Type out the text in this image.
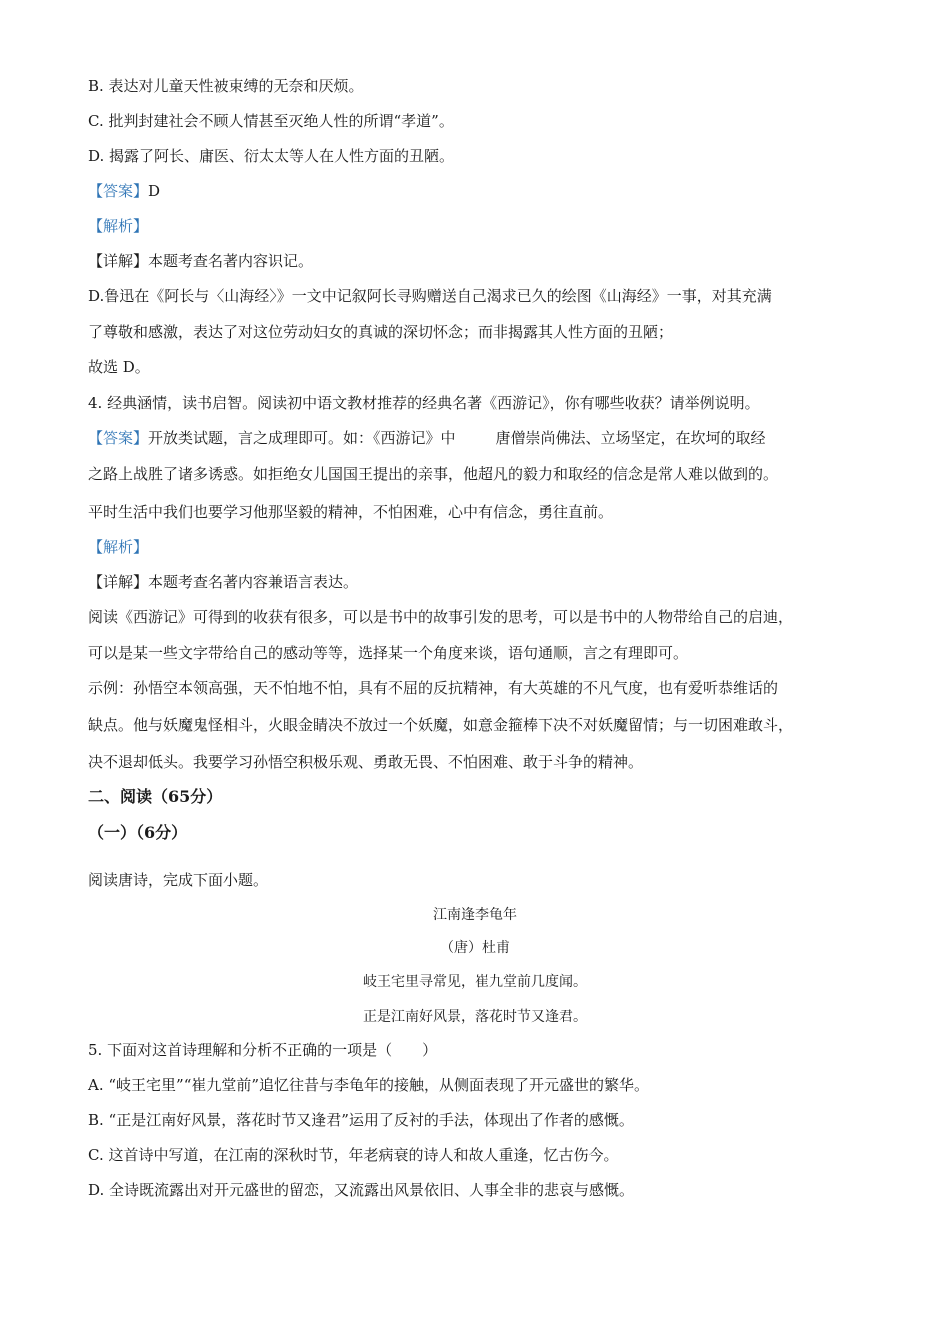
B. 表达对儿童天性被束缚的无奈和厌烦。
C. 批判封建社会不顾人情甚至灭绝人性的所谓“孝道”。
D. 揭露了阿长、庸医、衍太太等人在人性方面的丑陋。
【答案】D
【解析】
【详解】本题考查名著内容识记。
D.鲁迅在《阿长与〈山海经〉》一文中记叙阿长寻购赠送自己渴求已久的绘图《山海经》一事，对其充满
了尊敬和感激，表达了对这位劳动妇女的真诚的深切怀念；而非揭露其人性方面的丑陋；
故选 D。
4. 经典涵情，读书启智。阅读初中语文教材推荐的经典名著《西游记》，你有哪些收获？请举例说明。
【答案】开放类试题，言之成理即可。如：《西游记》中	唐僧崇尚佛法、立场坚定，在坎坷的取经
之路上战胜了诸多诱惑。如拒绝女儿国国王提出的亲事，他超凡的毅力和取经的信念是常人难以做到的。
平时生活中我们也要学习他那坚毅的精神，不怕困难，心中有信念，勇往直前。
【解析】
【详解】本题考查名著内容兼语言表达。
阅读《西游记》可得到的收获有很多，可以是书中的故事引发的思考，可以是书中的人物带给自己的启迪，
可以是某一些文字带给自己的感动等等，选择某一个角度来谈，语句通顺，言之有理即可。
示例：孙悟空本领高强，天不怕地不怕，具有不屈的反抗精神，有大英雄的不凡气度，也有爱听恭维话的
缺点。他与妖魔鬼怪相斗，火眼金睛决不放过一个妖魔，如意金箍棒下决不对妖魔留情；与一切困难敢斗，
决不退却低头。我要学习孙悟空积极乐观、勇敢无畏、不怕困难、敢于斗争的精神。
二、阅读（65分）
（一）（6分）
阅读唐诗，完成下面小题。
江南逢李龟年
（唐）杜甫
岐王宅里寻常见，崔九堂前几度闻。
正是江南好风景，落花时节又逢君。
5. 下面对这首诗理解和分析不正确的一项是（　　）
A. “岐王宅里”“崔九堂前”追忆往昔与李龟年的接触，从侧面表现了开元盛世的繁华。
B. “正是江南好风景，落花时节又逢君”运用了反衬的手法，体现出了作者的感慨。
C. 这首诗中写道，在江南的深秋时节，年老病衰的诗人和故人重逢，忆古伤今。
D. 全诗既流露出对开元盛世的留恋，又流露出风景依旧、人事全非的悲哀与感慨。
